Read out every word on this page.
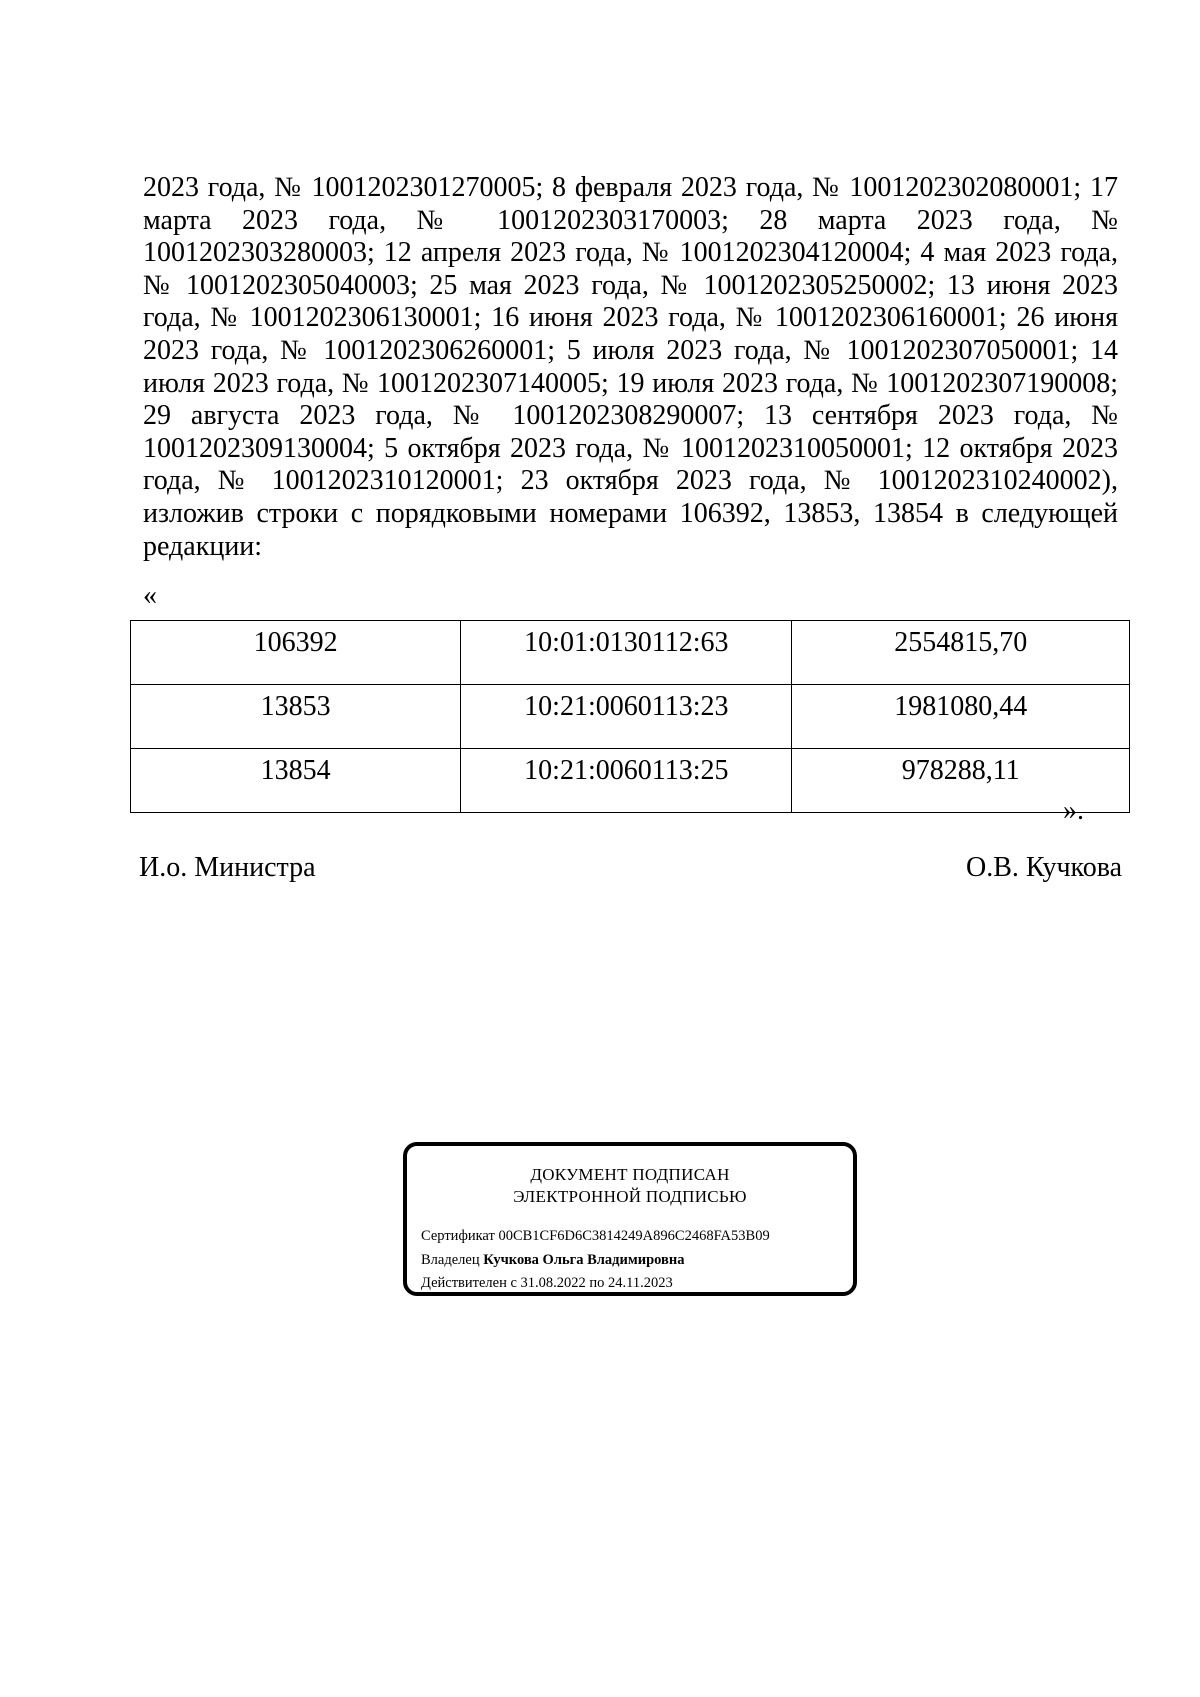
2023 года, № 1001202301270005; 8 февраля 2023 года, № 1001202302080001; 17 марта 2023 года, № 1001202303170003; 28 марта 2023 года, № 1001202303280003; 12 апреля 2023 года, № 1001202304120004; 4 мая 2023 года, № 1001202305040003; 25 мая 2023 года, № 1001202305250002; 13 июня 2023 года, № 1001202306130001; 16 июня 2023 года, № 1001202306160001; 26 июня 2023 года, № 1001202306260001; 5 июля 2023 года, № 1001202307050001; 14 июля 2023 года, № 1001202307140005; 19 июля 2023 года, № 1001202307190008; 29 августа 2023 года, № 1001202308290007; 13 сентября 2023 года, № 1001202309130004; 5 октября 2023 года, № 1001202310050001; 12 октября 2023 года, № 1001202310120001; 23 октября 2023 года, № 1001202310240002), изложив строки с порядковыми номерами 106392, 13853, 13854 в следующей редакции:

«
106392	10:01:0130112:63	2554815,70
13853	10:21:0060113:23	1981080,44
13854	10:21:0060113:25	978288,11
».
И.о. Министра	О.В. Кучкова
ДОКУМЕНТ ПОДПИСАН
ЭЛЕКТРОННОЙ ПОДПИСЬЮ
Сертификат 00CB1CF6D6C3814249A896C2468FA53B09
Владелец Кучкова Ольга Владимировна
Действителен с 31.08.2022 по 24.11.2023
